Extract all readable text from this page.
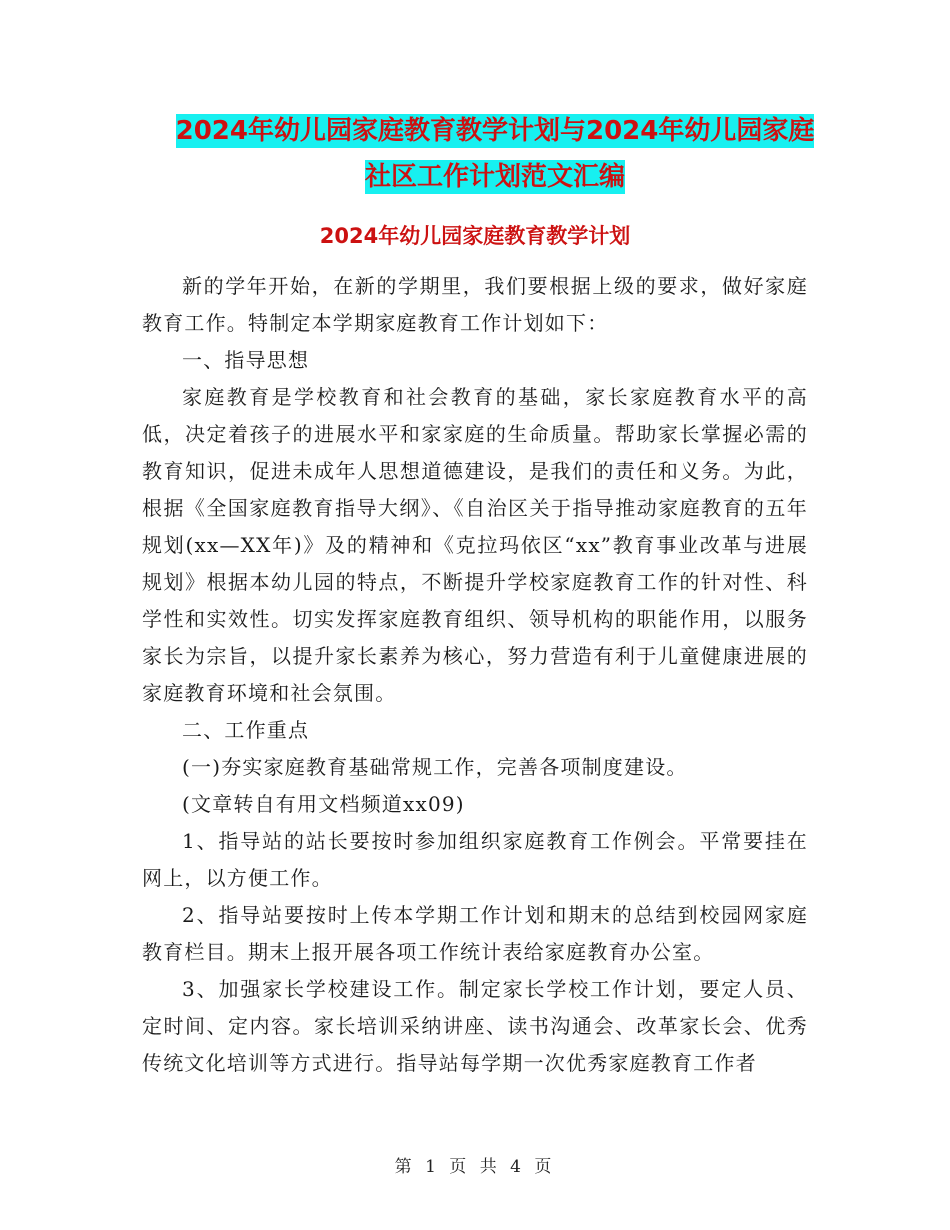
2024年幼儿园家庭教育教学计划与2024年幼儿园家庭
社区工作计划范文汇编
2024年幼儿园家庭教育教学计划

新的学年开始，在新的学期里，我们要根据上级的要求，做好家庭教育工作。特制定本学期家庭教育工作计划如下：

一、指导思想

家庭教育是学校教育和社会教育的基础，家长家庭教育水平的高低，决定着孩子的进展水平和家家庭的生命质量。帮助家长掌握必需的教育知识，促进未成年人思想道德建设，是我们的责任和义务。为此，根据《全国家庭教育指导大纲》、《自治区关于指导推动家庭教育的五年规划(xx—XX年)》及的精神和《克拉玛依区“xx”教育事业改革与进展规划》根据本幼儿园的特点，不断提升学校家庭教育工作的针对性、科学性和实效性。切实发挥家庭教育组织、领导机构的职能作用，以服务家长为宗旨，以提升家长素养为核心，努力营造有利于儿童健康进展的家庭教育环境和社会氛围。

二、工作重点

(一)夯实家庭教育基础常规工作，完善各项制度建设。

(文章转自有用文档频道xx09)

1、指导站的站长要按时参加组织家庭教育工作例会。平常要挂在网上，以方便工作。

2、指导站要按时上传本学期工作计划和期末的总结到校园网家庭教育栏目。期末上报开展各项工作统计表给家庭教育办公室。

3、加强家长学校建设工作。制定家长学校工作计划，要定人员、定时间、定内容。家长培训采纳讲座、读书沟通会、改革家长会、优秀传统文化培训等方式进行。指导站每学期一次优秀家庭教育工作者

第 1 页 共 4 页
